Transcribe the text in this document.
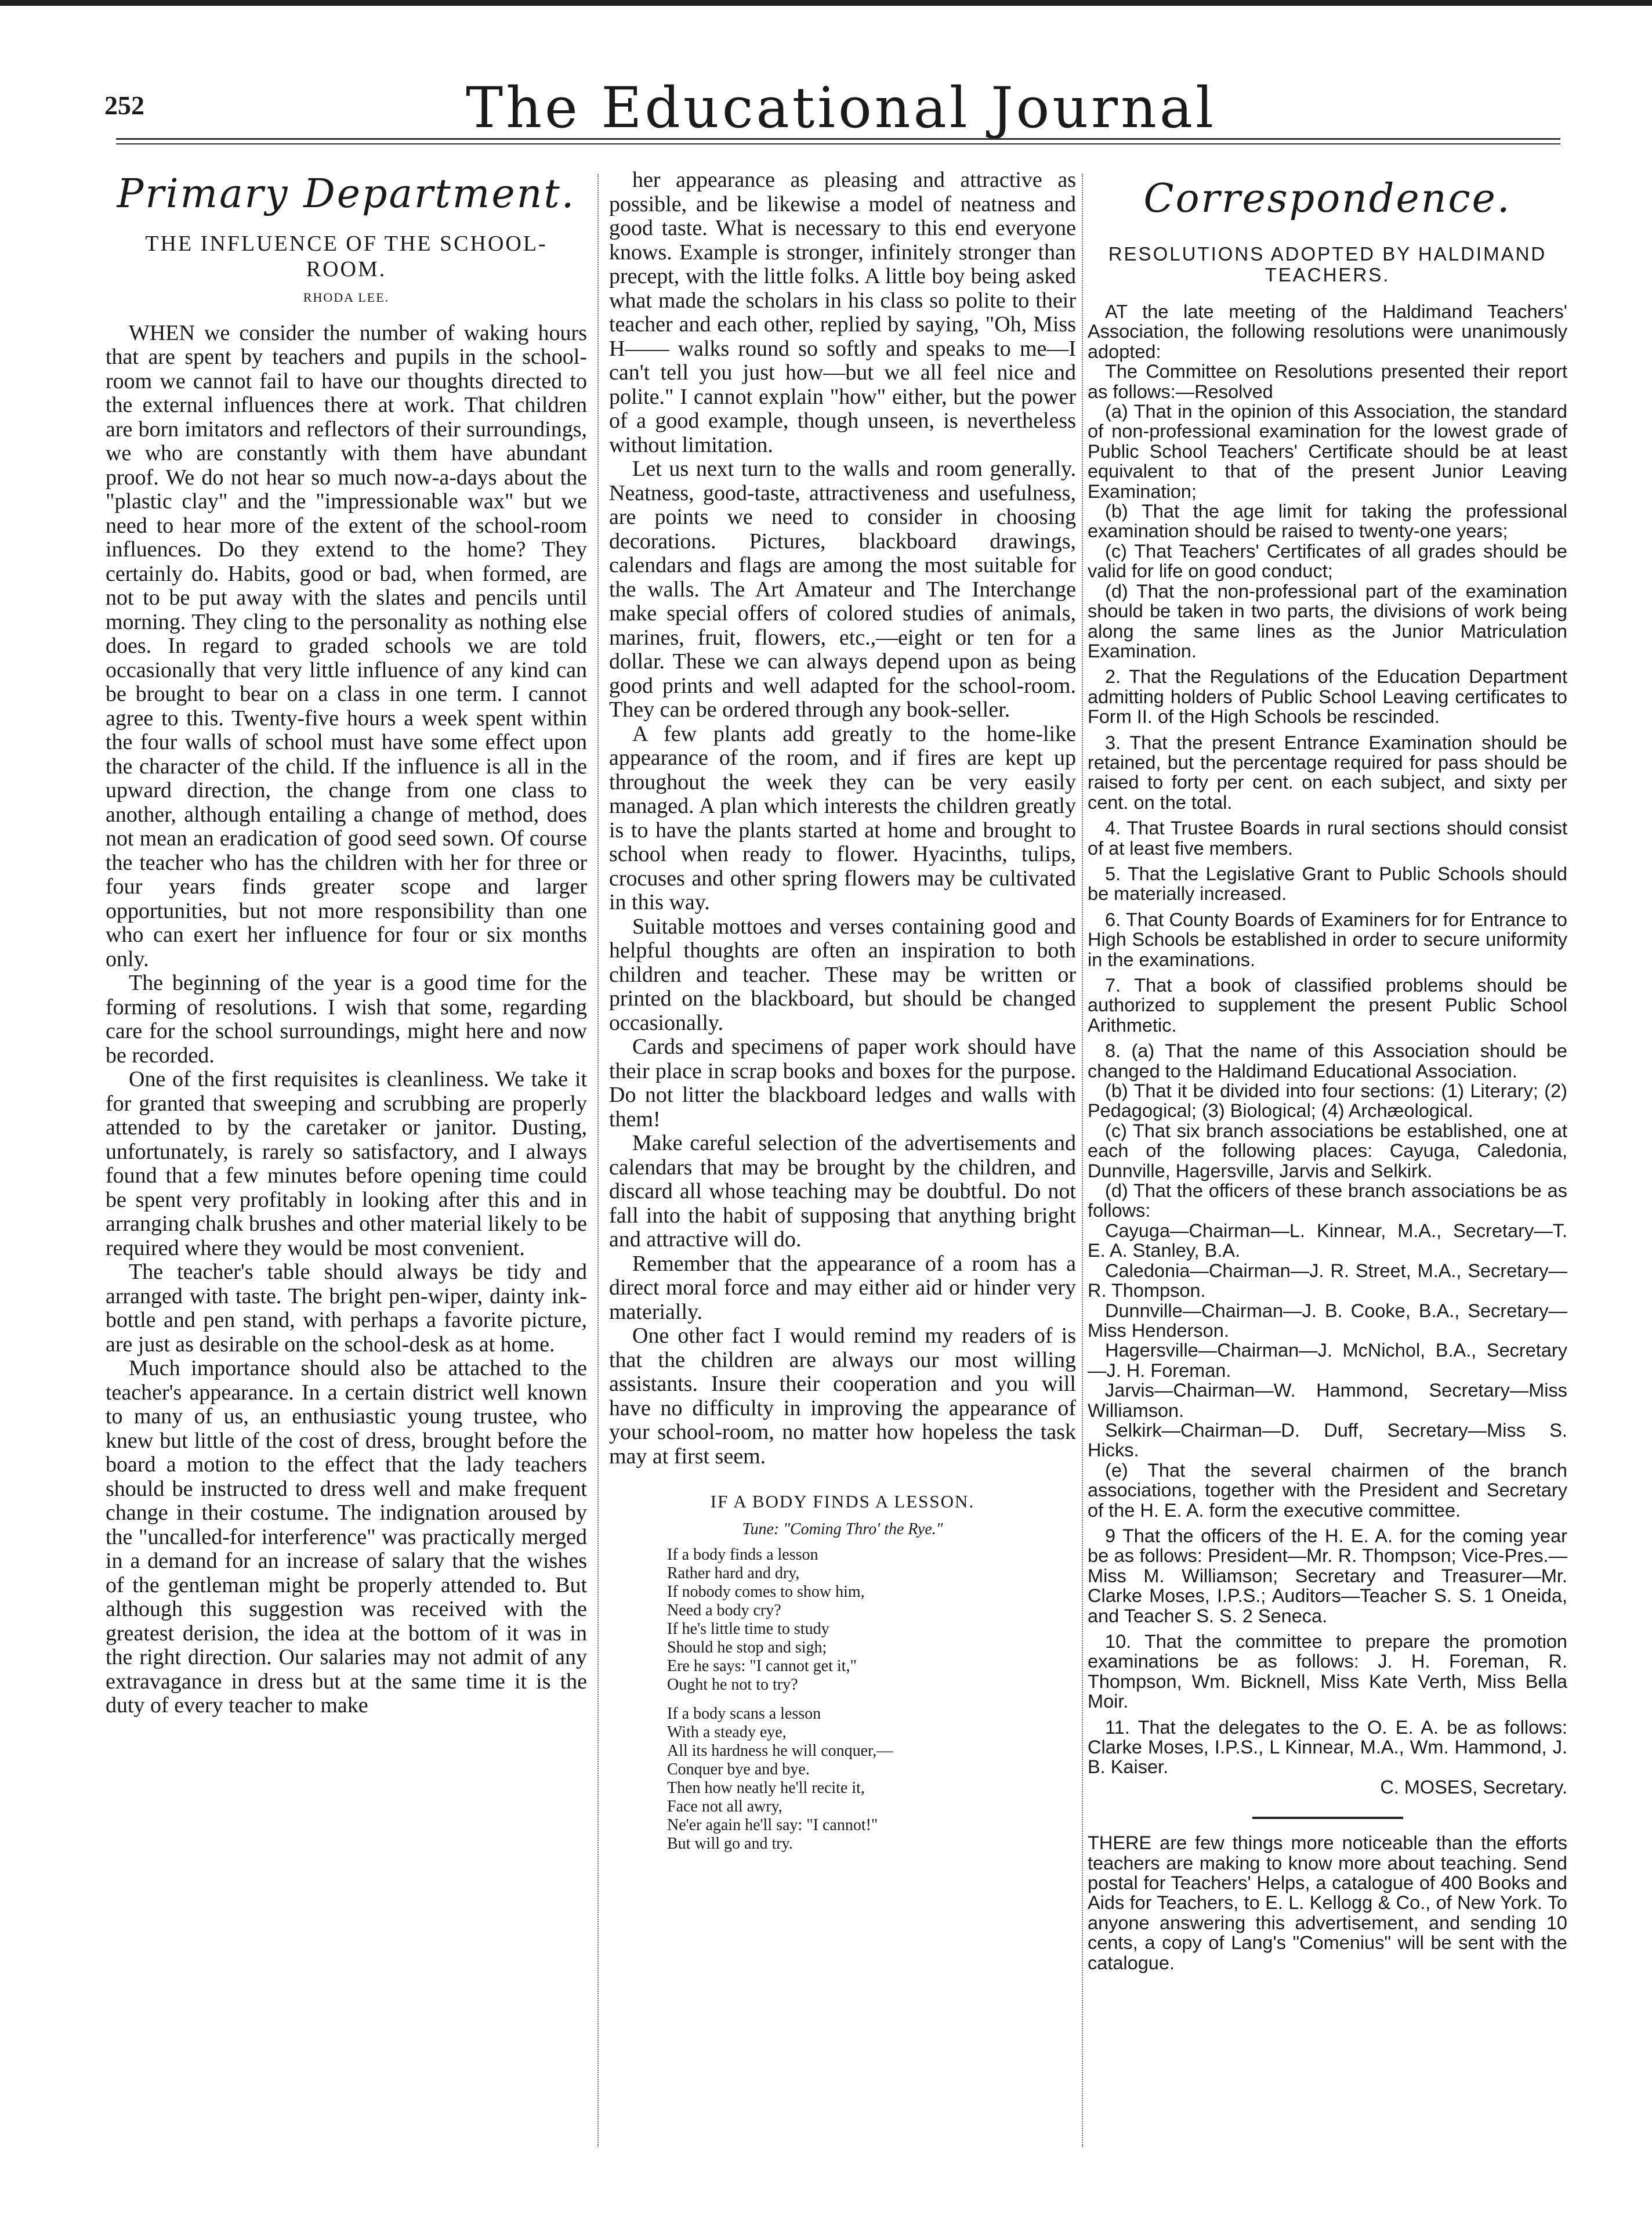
252	The Educational Journal
Primary Department.
THE INFLUENCE OF THE SCHOOL-ROOM.
RHODA LEE.

WHEN we consider the number of waking hours that are spent by teachers and pupils in the school-room we cannot fail to have our thoughts directed to the external influences there at work. That children are born imitators and reflectors of their surroundings, we who are constantly with them have abundant proof. We do not hear so much now-a-days about the "plastic clay" and the "impressionable wax" but we need to hear more of the extent of the school-room influences. Do they extend to the home? They certainly do. Habits, good or bad, when formed, are not to be put away with the slates and pencils until morning. They cling to the personality as nothing else does. In regard to graded schools we are told occasionally that very little influence of any kind can be brought to bear on a class in one term. I cannot agree to this. Twenty-five hours a week spent within the four walls of school must have some effect upon the character of the child. If the influence is all in the upward direction, the change from one class to another, although entailing a change of method, does not mean an eradication of good seed sown. Of course the teacher who has the children with her for three or four years finds greater scope and larger opportunities, but not more responsibility than one who can exert her influence for four or six months only.

The beginning of the year is a good time for the forming of resolutions. I wish that some, regarding care for the school surroundings, might here and now be recorded.

One of the first requisites is cleanliness. We take it for granted that sweeping and scrubbing are properly attended to by the caretaker or janitor. Dusting, unfortunately, is rarely so satisfactory, and I always found that a few minutes before opening time could be spent very profitably in looking after this and in arranging chalk brushes and other material likely to be required where they would be most convenient.

The teacher's table should always be tidy and arranged with taste. The bright pen-wiper, dainty ink-bottle and pen stand, with perhaps a favorite picture, are just as desirable on the school-desk as at home.

Much importance should also be attached to the teacher's appearance. In a certain district well known to many of us, an enthusiastic young trustee, who knew but little of the cost of dress, brought before the board a motion to the effect that the lady teachers should be instructed to dress well and make frequent change in their costume. The indignation aroused by the "uncalled-for interference" was practically merged in a demand for an increase of salary that the wishes of the gentleman might be properly attended to. But although this suggestion was received with the greatest derision, the idea at the bottom of it was in the right direction. Our salaries may not admit of any extravagance in dress but at the same time it is the duty of every teacher to make

her appearance as pleasing and attractive as possible, and be likewise a model of neatness and good taste. What is necessary to this end everyone knows. Example is stronger, infinitely stronger than precept, with the little folks. A little boy being asked what made the scholars in his class so polite to their teacher and each other, replied by saying, "Oh, Miss H—— walks round so softly and speaks to me—I can't tell you just how—but we all feel nice and polite." I cannot explain "how" either, but the power of a good example, though unseen, is nevertheless without limitation.

Let us next turn to the walls and room generally. Neatness, good-taste, attractiveness and usefulness, are points we need to consider in choosing decorations. Pictures, blackboard drawings, calendars and flags are among the most suitable for the walls. The Art Amateur and The Interchange make special offers of colored studies of animals, marines, fruit, flowers, etc.,—eight or ten for a dollar. These we can always depend upon as being good prints and well adapted for the school-room. They can be ordered through any book-seller.

A few plants add greatly to the home-like appearance of the room, and if fires are kept up throughout the week they can be very easily managed. A plan which interests the children greatly is to have the plants started at home and brought to school when ready to flower. Hyacinths, tulips, crocuses and other spring flowers may be cultivated in this way.

Suitable mottoes and verses containing good and helpful thoughts are often an inspiration to both children and teacher. These may be written or printed on the blackboard, but should be changed occasionally.

Cards and specimens of paper work should have their place in scrap books and boxes for the purpose. Do not litter the blackboard ledges and walls with them!

Make careful selection of the advertisements and calendars that may be brought by the children, and discard all whose teaching may be doubtful. Do not fall into the habit of supposing that anything bright and attractive will do.

Remember that the appearance of a room has a direct moral force and may either aid or hinder very materially.

One other fact I would remind my readers of is that the children are always our most willing assistants. Insure their cooperation and you will have no difficulty in improving the appearance of your school-room, no matter how hopeless the task may at first seem.

IF A BODY FINDS A LESSON.
Tune: "Coming Thro' the Rye."
If a body finds a lesson
Rather hard and dry,
If nobody comes to show him,
Need a body cry?
If he's little time to study
Should he stop and sigh;
Ere he says: "I cannot get it,"
Ought he not to try?
If a body scans a lesson
With a steady eye,
All its hardness he will conquer,—
Conquer bye and bye.
Then how neatly he'll recite it,
Face not all awry,
Ne'er again he'll say: "I cannot!"
But will go and try.
Correspondence.
RESOLUTIONS ADOPTED BY HALDIMAND TEACHERS.

AT the late meeting of the Haldimand Teachers' Association, the following resolutions were unanimously adopted:

The Committee on Resolutions presented their report as follows:—Resolved

(a) That in the opinion of this Association, the standard of non-professional examination for the lowest grade of Public School Teachers' Certificate should be at least equivalent to that of the present Junior Leaving Examination;

(b) That the age limit for taking the professional examination should be raised to twenty-one years;

(c) That Teachers' Certificates of all grades should be valid for life on good conduct;

(d) That the non-professional part of the examination should be taken in two parts, the divisions of work being along the same lines as the Junior Matriculation Examination.

2. That the Regulations of the Education Department admitting holders of Public School Leaving certificates to Form II. of the High Schools be rescinded.

3. That the present Entrance Examination should be retained, but the percentage required for pass should be raised to forty per cent. on each subject, and sixty per cent. on the total.

4. That Trustee Boards in rural sections should consist of at least five members.

5. That the Legislative Grant to Public Schools should be materially increased.

6. That County Boards of Examiners for for Entrance to High Schools be established in order to secure uniformity in the examinations.

7. That a book of classified problems should be authorized to supplement the present Public School Arithmetic.

8. (a) That the name of this Association should be changed to the Haldimand Educational Association.

(b) That it be divided into four sections: (1) Literary; (2) Pedagogical; (3) Biological; (4) Archæological.

(c) That six branch associations be established, one at each of the following places: Cayuga, Caledonia, Dunnville, Hagersville, Jarvis and Selkirk.

(d) That the officers of these branch associations be as follows:

Cayuga—Chairman—L. Kinnear, M.A., Secretary—T. E. A. Stanley, B.A.

Caledonia—Chairman—J. R. Street, M.A., Secretary—R. Thompson.

Dunnville—Chairman—J. B. Cooke, B.A., Secretary—Miss Henderson.

Hagersville—Chairman—J. McNichol, B.A., Secretary—J. H. Foreman.

Jarvis—Chairman—W. Hammond, Secretary—Miss Williamson.

Selkirk—Chairman—D. Duff, Secretary—Miss S. Hicks.

(e) That the several chairmen of the branch associations, together with the President and Secretary of the H. E. A. form the executive committee.

9 That the officers of the H. E. A. for the coming year be as follows: President—Mr. R. Thompson; Vice-Pres.—Miss M. Williamson; Secretary and Treasurer—Mr. Clarke Moses, I.P.S.; Auditors—Teacher S. S. 1 Oneida, and Teacher S. S. 2 Seneca.

10. That the committee to prepare the promotion examinations be as follows: J. H. Foreman, R. Thompson, Wm. Bicknell, Miss Kate Verth, Miss Bella Moir.

11. That the delegates to the O. E. A. be as follows: Clarke Moses, I.P.S., L Kinnear, M.A., Wm. Hammond, J. B. Kaiser.

C. MOSES, Secretary.

THERE are few things more noticeable than the efforts teachers are making to know more about teaching. Send postal for Teachers' Helps, a catalogue of 400 Books and Aids for Teachers, to E. L. Kellogg & Co., of New York. To anyone answering this advertisement, and sending 10 cents, a copy of Lang's "Comenius" will be sent with the catalogue.
